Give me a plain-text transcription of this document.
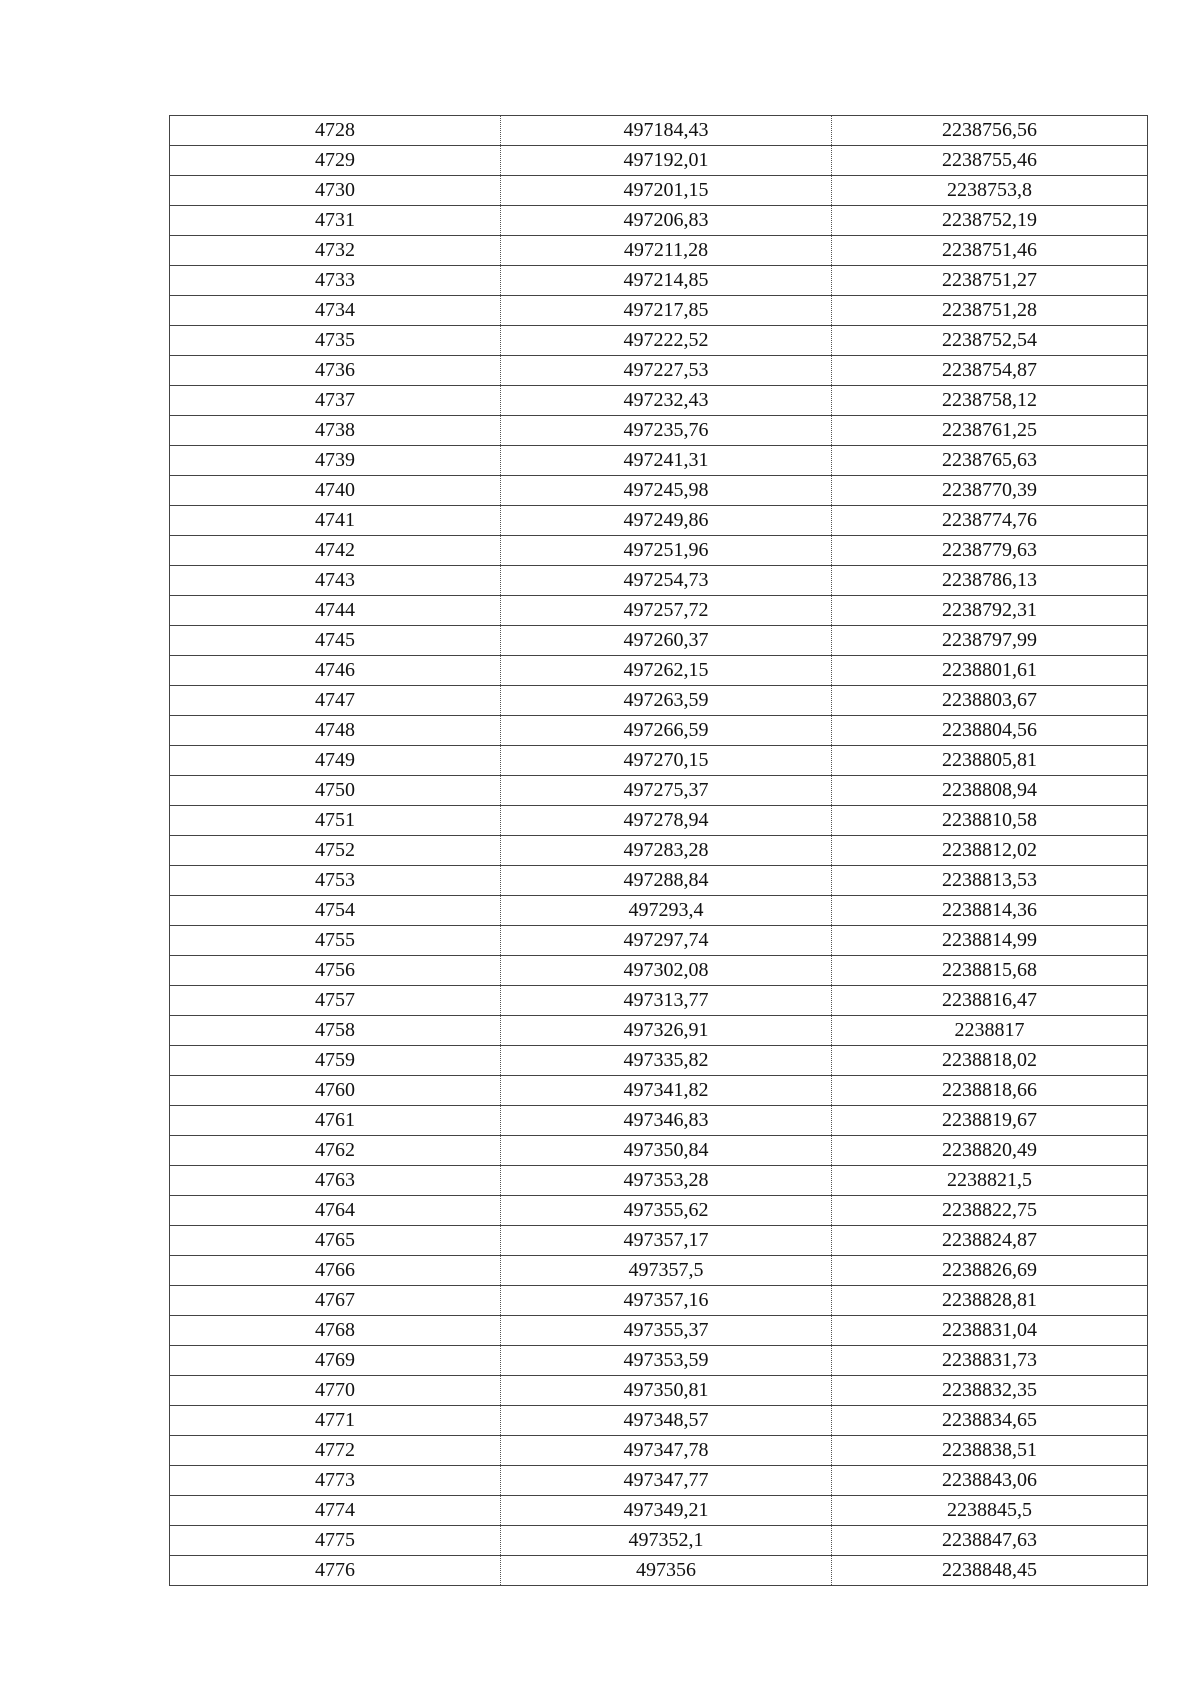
4728	497184,43	2238756,56
4729	497192,01	2238755,46
4730	497201,15	2238753,8
4731	497206,83	2238752,19
4732	497211,28	2238751,46
4733	497214,85	2238751,27
4734	497217,85	2238751,28
4735	497222,52	2238752,54
4736	497227,53	2238754,87
4737	497232,43	2238758,12
4738	497235,76	2238761,25
4739	497241,31	2238765,63
4740	497245,98	2238770,39
4741	497249,86	2238774,76
4742	497251,96	2238779,63
4743	497254,73	2238786,13
4744	497257,72	2238792,31
4745	497260,37	2238797,99
4746	497262,15	2238801,61
4747	497263,59	2238803,67
4748	497266,59	2238804,56
4749	497270,15	2238805,81
4750	497275,37	2238808,94
4751	497278,94	2238810,58
4752	497283,28	2238812,02
4753	497288,84	2238813,53
4754	497293,4	2238814,36
4755	497297,74	2238814,99
4756	497302,08	2238815,68
4757	497313,77	2238816,47
4758	497326,91	2238817
4759	497335,82	2238818,02
4760	497341,82	2238818,66
4761	497346,83	2238819,67
4762	497350,84	2238820,49
4763	497353,28	2238821,5
4764	497355,62	2238822,75
4765	497357,17	2238824,87
4766	497357,5	2238826,69
4767	497357,16	2238828,81
4768	497355,37	2238831,04
4769	497353,59	2238831,73
4770	497350,81	2238832,35
4771	497348,57	2238834,65
4772	497347,78	2238838,51
4773	497347,77	2238843,06
4774	497349,21	2238845,5
4775	497352,1	2238847,63
4776	497356	2238848,45
